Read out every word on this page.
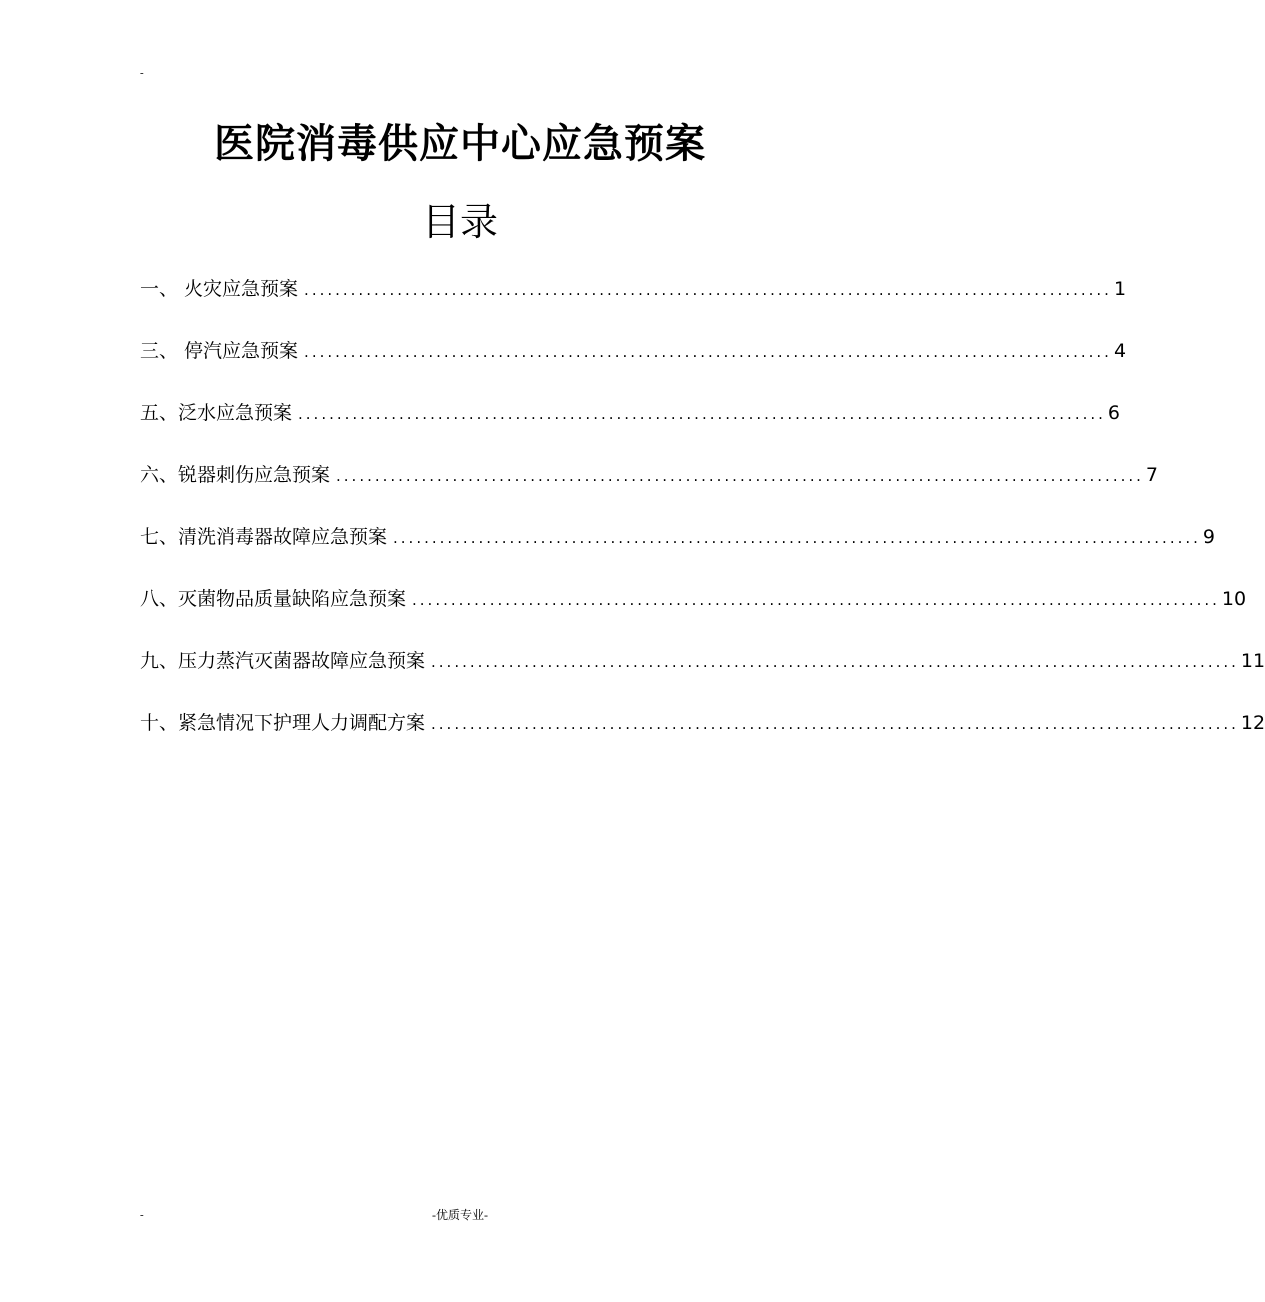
-
医院消毒供应中心应急预案
目录
一、 火灾应急预案 ........................................................................................................ 1
三、 停汽应急预案 ........................................................................................................ 4
五、泛水应急预案 ........................................................................................................ 6
六、锐器刺伤应急预案 ........................................................................................................ 7
七、清洗消毒器故障应急预案 ........................................................................................................ 9
八、灭菌物品质量缺陷应急预案 ........................................................................................................ 10
九、压力蒸汽灭菌器故障应急预案 ........................................................................................................ 11
十、紧急情况下护理人力调配方案 ........................................................................................................ 12
-	-优质专业-
